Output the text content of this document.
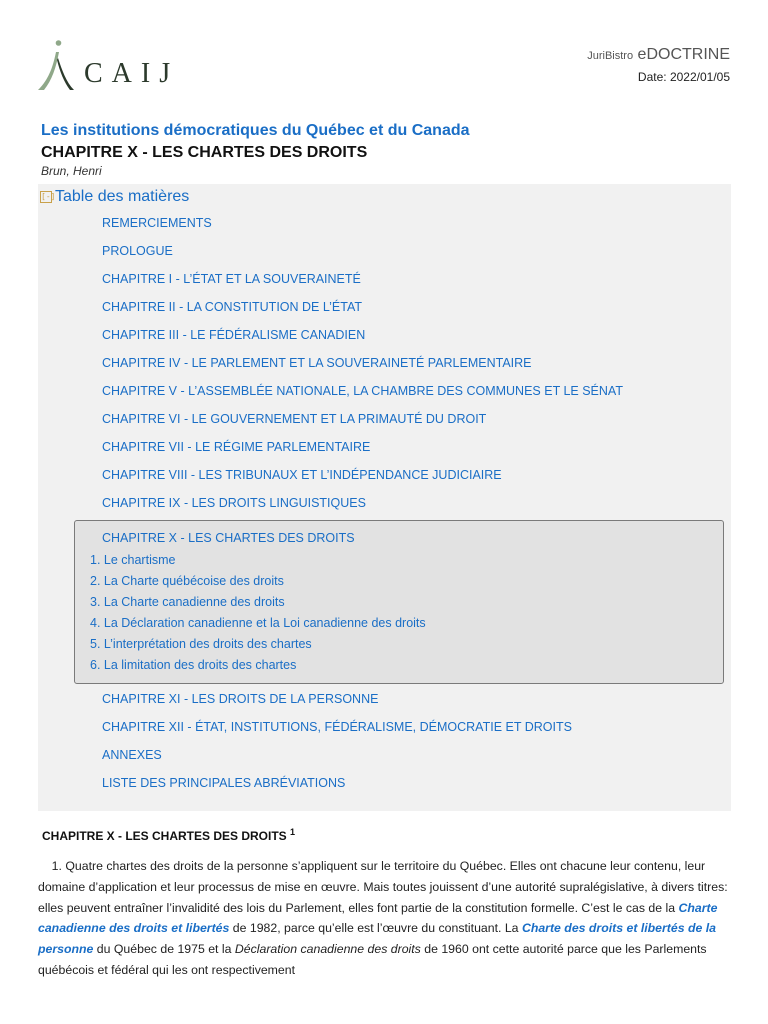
CAIJ
JuriBistro eDOCTRINE
Date: 2022/01/05
Les institutions démocratiques du Québec et du Canada
CHAPITRE X - LES CHARTES DES DROITS
Brun, Henri
[-] Table des matières
REMERCIEMENTS
PROLOGUE
CHAPITRE I - L’ÉTAT ET LA SOUVERAINETÉ
CHAPITRE II - LA CONSTITUTION DE L’ÉTAT
CHAPITRE III - LE FÉDÉRALISME CANADIEN
CHAPITRE IV - LE PARLEMENT ET LA SOUVERAINETÉ PARLEMENTAIRE
CHAPITRE V - L’ASSEMBLÉE NATIONALE, LA CHAMBRE DES COMMUNES ET LE SÉNAT
CHAPITRE VI - LE GOUVERNEMENT ET LA PRIMAUTÉ DU DROIT
CHAPITRE VII - LE RÉGIME PARLEMENTAIRE
CHAPITRE VIII - LES TRIBUNAUX ET L’INDÉPENDANCE JUDICIAIRE
CHAPITRE IX - LES DROITS LINGUISTIQUES
CHAPITRE X - LES CHARTES DES DROITS
1. Le chartisme
2. La Charte québécoise des droits
3. La Charte canadienne des droits
4. La Déclaration canadienne et la Loi canadienne des droits
5. L’interprétation des droits des chartes
6. La limitation des droits des chartes
CHAPITRE XI - LES DROITS DE LA PERSONNE
CHAPITRE XII - ÉTAT, INSTITUTIONS, FÉDÉRALISME, DÉMOCRATIE ET DROITS
ANNEXES
LISTE DES PRINCIPALES ABRÉVIATIONS
CHAPITRE X - LES CHARTES DES DROITS $^1$
1. Quatre chartes des droits de la personne s’appliquent sur le territoire du Québec. Elles ont chacune leur contenu, leur domaine d’application et leur processus de mise en œuvre. Mais toutes jouissent d’une autorité supralégislative, à divers titres: elles peuvent entraîner l’invalidité des lois du Parlement, elles font partie de la constitution formelle. C’est le cas de la Charte canadienne des droits et libertés de 1982, parce qu’elle est l’œuvre du constituant. La Charte des droits et libertés de la personne du Québec de 1975 et la Déclaration canadienne des droits de 1960 ont cette autorité parce que les Parlements québécois et fédéral qui les ont respectivement
